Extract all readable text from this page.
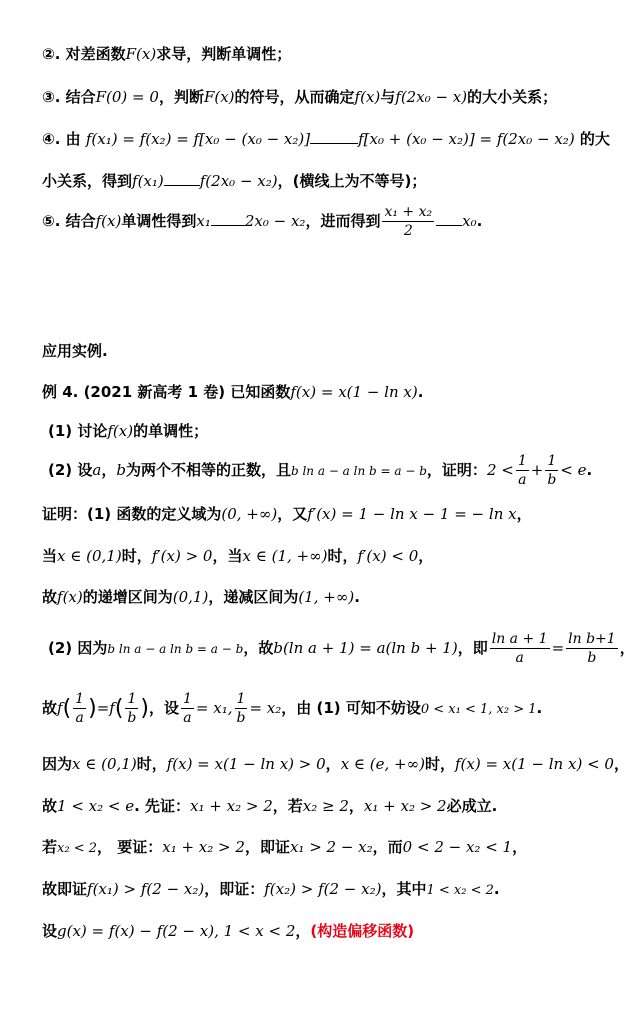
②. 对差函数F(x)求导，判断单调性；
③. 结合F(0) = 0，判断F(x)的符号，从而确定f(x)与f(2x₀ − x)的大小关系；
④. 由 f(x₁) = f(x₂) = f[x₀ − (x₀ − x₂)]	f[x₀ + (x₀ − x₂)] = f(2x₀ − x₂) 的大
小关系，得到f(x₁) f(2x₀ − x₂)，(横线上为不等号)；
⑤. 结合f(x)单调性得到x₁ 2x₀ − x₂，进而得到 $\frac{\text{x₁ + x₂}}{2} x_0$.
应用实例.
例 4. (2021 新高考 1 卷) 已知函数f(x) = x(1 − ln x).
(1) 讨论f(x)的单调性；
(2) 设a，b为两个不相等的正数，且b ln a − a ln b = a − b，证明：$2 < \frac{1}{a} + \frac{1}{b} < e$.
证明：(1) 函数的定义域为(0, +∞)，又f′(x) = 1 − ln x − 1 = − ln x，
当x ∈ (0,1)时，f′(x) > 0，当x ∈ (1, +∞)时，f′(x) < 0，
故f(x)的递增区间为(0,1)，递减区间为(1, +∞).
(2) 因为b ln a − a ln b = a − b，故b(ln a + 1) = a(ln b + 1)，即 $\frac{\text{ln a + 1}}{a} = \frac{\text{ln b+1}}{b}$ ，
故$f( \frac{1}{a} )=f( \frac{1}{b}$ )，设 $\frac{1}{a} = x_1$, $\frac{1}{b} = x_2$，由 (1) 可知不妨设0 < x₁ < 1, x₂ > 1.
因为x ∈ (0,1)时，f(x) = x(1 − ln x) > 0，x ∈ (e, +∞)时，f(x) = x(1 − ln x) < 0，
故1 < x₂ < e. 先证：x₁ + x₂ > 2，若x₂ ≥ 2，x₁ + x₂ > 2必成立.
若x₂ < 2， 要证：x₁ + x₂ > 2，即证x₁ > 2 − x₂，而0 < 2 − x₂ < 1，
故即证f(x₁) > f(2 − x₂)，即证：f(x₂) > f(2 − x₂)，其中1 < x₂ < 2.
设g(x) = f(x) − f(2 − x), 1 < x < 2，(构造偏移函数)
